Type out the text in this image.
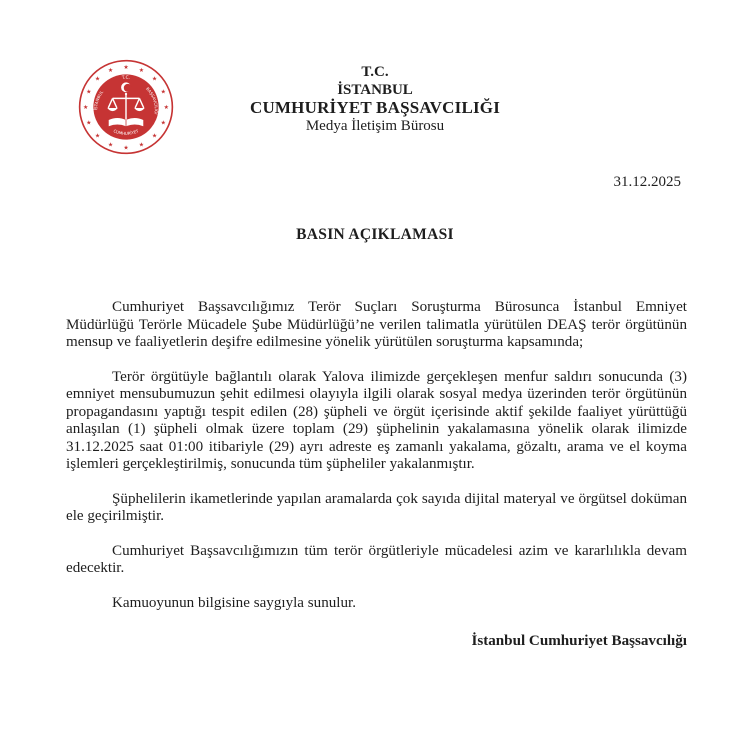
★
★
★
★
★
★
★
★
★
★
★
★ ★ ★
★
★
T.C.
İSTANBUL
BAŞSAVCILIĞI
CUMHURİYET
T.C.
İSTANBUL
CUMHURİYET BAŞSAVCILIĞI
Medya İletişim Bürosu
31.12.2025
BASIN AÇIKLAMASI

Cumhuriyet Başsavcılığımız Terör Suçları Soruşturma Bürosunca İstanbul Emniyet Müdürlüğü Terörle Mücadele Şube Müdürlüğü’ne verilen talimatla yürütülen DEAŞ terör örgütünün mensup ve faaliyetlerin deşifre edilmesine yönelik yürütülen soruşturma kapsamında;

Terör örgütüyle bağlantılı olarak Yalova ilimizde gerçekleşen menfur saldırı sonucunda (3) emniyet mensubumuzun şehit edilmesi olayıyla ilgili olarak sosyal medya üzerinden terör örgütünün propagandasını yaptığı tespit edilen (28) şüpheli ve örgüt içerisinde aktif şekilde faaliyet yürüttüğü anlaşılan (1) şüpheli olmak üzere toplam (29) şüphelinin yakalamasına yönelik olarak ilimizde 31.12.2025 saat 01:00 itibariyle (29) ayrı adreste eş zamanlı yakalama, gözaltı, arama ve el koyma işlemleri gerçekleştirilmiş, sonucunda tüm şüpheliler yakalanmıştır.

Şüphelilerin ikametlerinde yapılan aramalarda çok sayıda dijital materyal ve örgütsel doküman ele geçirilmiştir.

Cumhuriyet Başsavcılığımızın tüm terör örgütleriyle mücadelesi azim ve kararlılıkla devam edecektir.

Kamuoyunun bilgisine saygıyla sunulur.

İstanbul Cumhuriyet Başsavcılığı
